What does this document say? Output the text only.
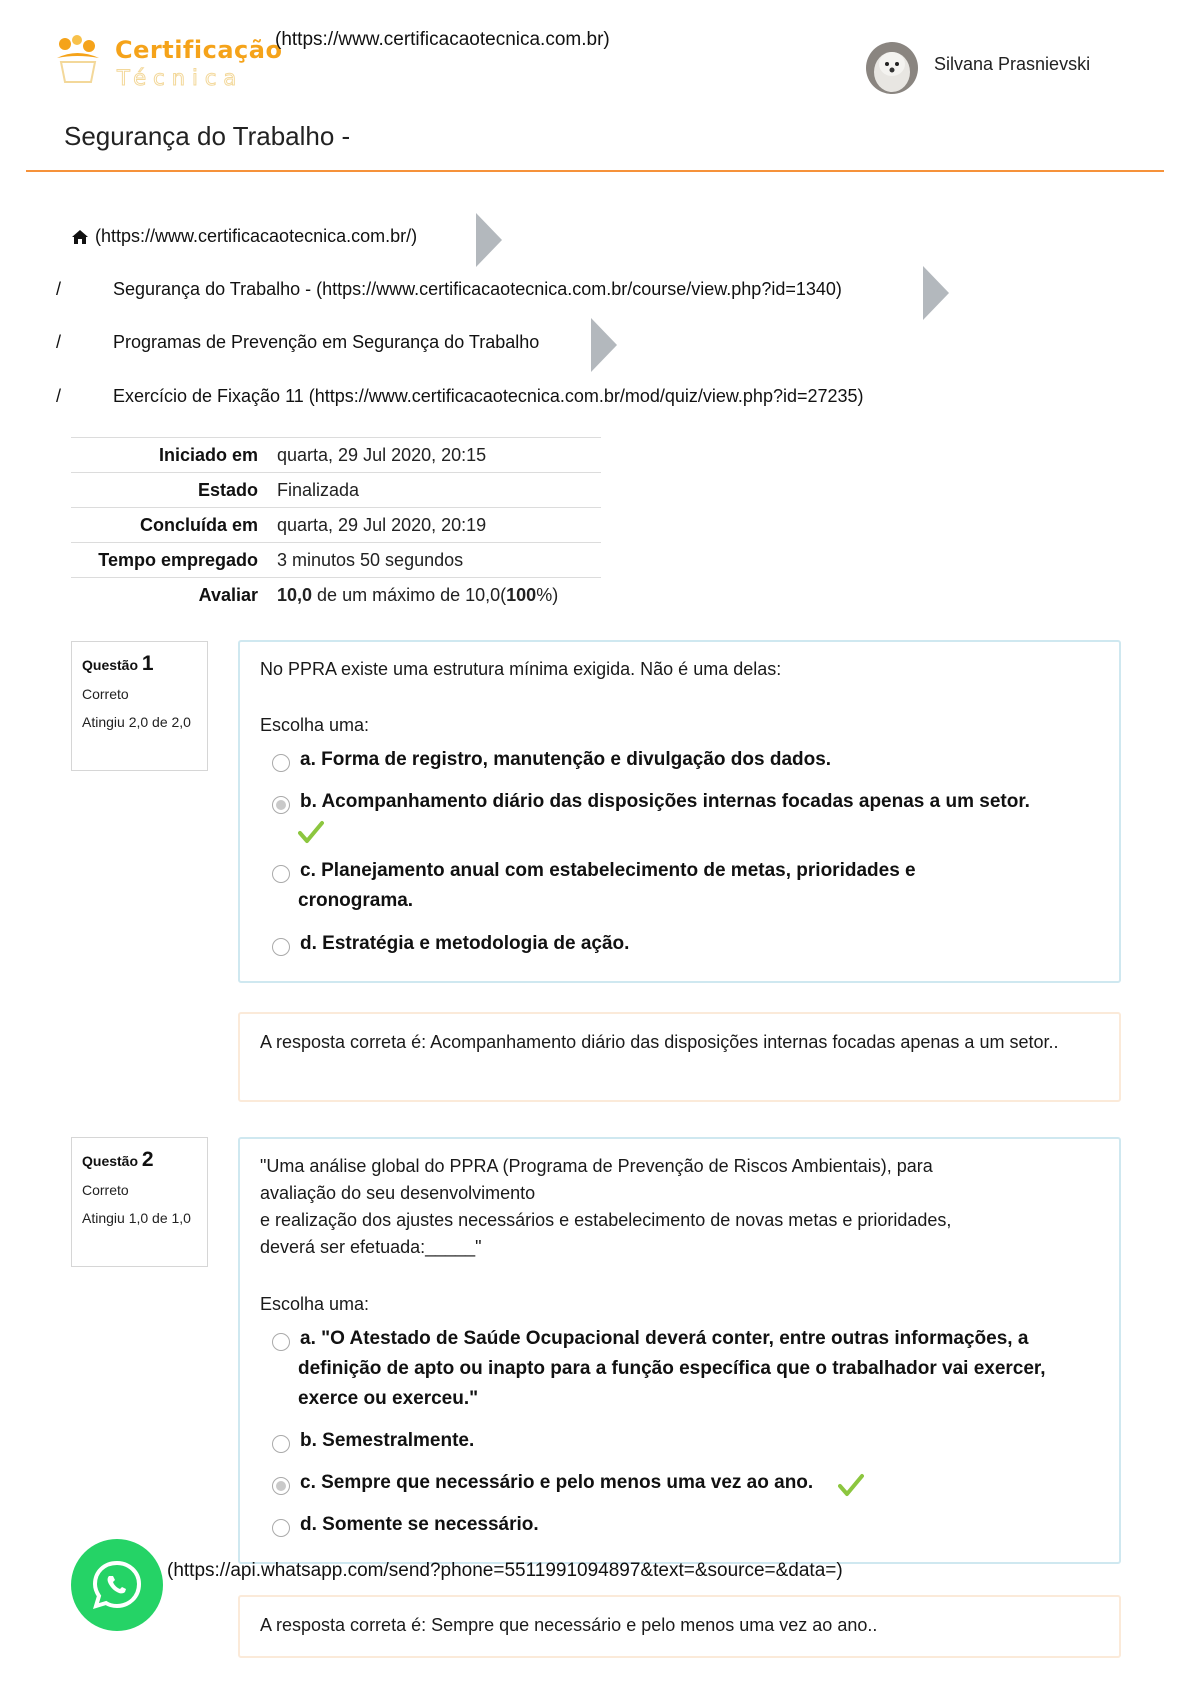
Certificação
Técnica
(https://www.certificacaotecnica.com.br)
Silvana Prasnievski
Segurança do Trabalho -
(https://www.certificacaotecnica.com.br/)
/	Segurança do Trabalho - (https://www.certificacaotecnica.com.br/course/view.php?id=1340)
/	Programas de Prevenção em Segurança do Trabalho
/	Exercício de Fixação 11 (https://www.certificacaotecnica.com.br/mod/quiz/view.php?id=27235)
Iniciado em quarta, 29 Jul 2020, 20:15
Estado Finalizada
Concluída em quarta, 29 Jul 2020, 20:19
Tempo empregado 3 minutos 50 segundos
Avaliar 10,0 de um máximo de 10,0(100%)
Questão 1
Correto
Atingiu 2,0 de 2,0
No PPRA existe uma estrutura mínima exigida. Não é uma delas:
Escolha uma:
a. Forma de registro, manutenção e divulgação dos dados.
b. Acompanhamento diário das disposições internas focadas apenas a um setor.
c. Planejamento anual com estabelecimento de metas, prioridades e cronograma.
d. Estratégia e metodologia de ação.
A resposta correta é: Acompanhamento diário das disposições internas focadas apenas a um setor..
Questão 2
Correto
Atingiu 1,0 de 1,0
"Uma análise global do PPRA (Programa de Prevenção de Riscos Ambientais), para
avaliação do seu desenvolvimento
e realização dos ajustes necessários e estabelecimento de novas metas e prioridades,
deverá ser efetuada:_____"
Escolha uma:
a. "O Atestado de Saúde Ocupacional deverá conter, entre outras informações, a definição de apto ou inapto para a função específica que o trabalhador vai exercer, exerce ou exerceu."
b. Semestralmente.
c. Sempre que necessário e pelo menos uma vez ao ano.
d. Somente se necessário.
A resposta correta é: Sempre que necessário e pelo menos uma vez ao ano..
(https://api.whatsapp.com/send?phone=5511991094897&text=&source=&data=)
